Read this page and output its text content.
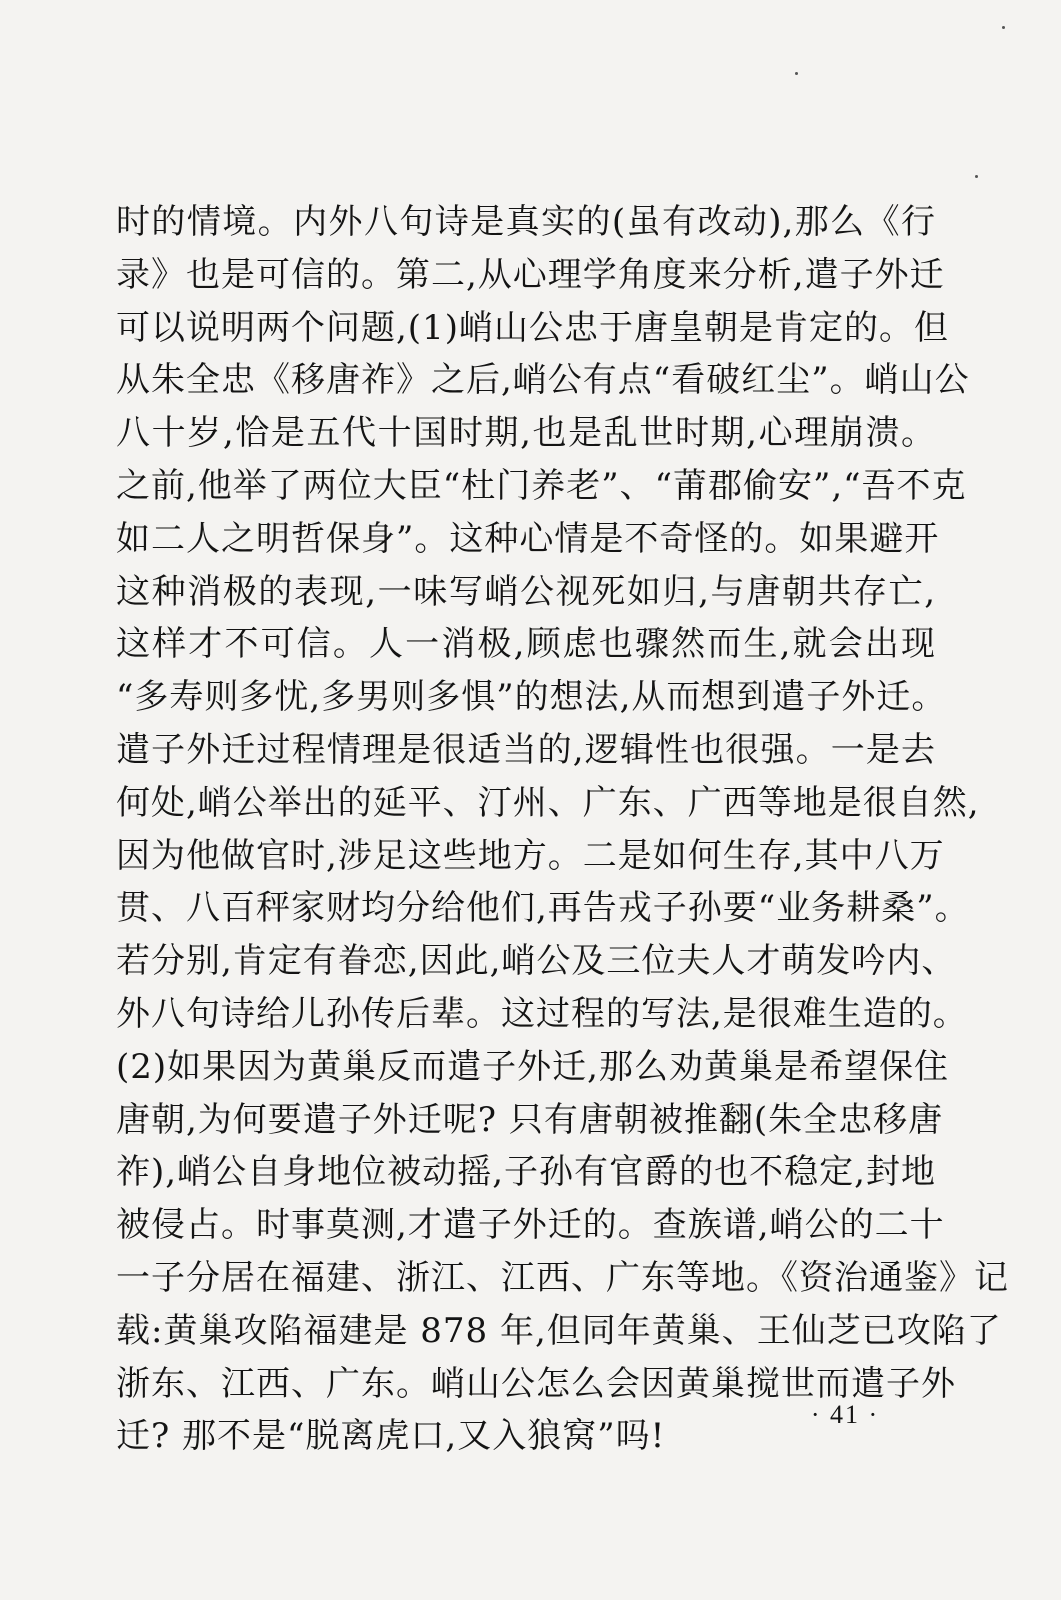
时的情境。内外八句诗是真实的(虽有改动),那么《行
录》也是可信的。第二,从心理学角度来分析,遣子外迁
可以说明两个问题,(1)峭山公忠于唐皇朝是肯定的。但
从朱全忠《移唐祚》之后,峭公有点“看破红尘”。峭山公
八十岁,恰是五代十国时期,也是乱世时期,心理崩溃。
之前,他举了两位大臣“杜门养老”、“莆郡偷安”,“吾不克
如二人之明哲保身”。这种心情是不奇怪的。如果避开
这种消极的表现,一味写峭公视死如归,与唐朝共存亡,
这样才不可信。人一消极,顾虑也骤然而生,就会出现
“多寿则多忧,多男则多惧”的想法,从而想到遣子外迁。
遣子外迁过程情理是很适当的,逻辑性也很强。一是去
何处,峭公举出的延平、汀州、广东、广西等地是很自然,
因为他做官时,涉足这些地方。二是如何生存,其中八万
贯、八百秤家财均分给他们,再告戎子孙要“业务耕桑”。
若分别,肯定有眷恋,因此,峭公及三位夫人才萌发吟内、
外八句诗给儿孙传后辈。这过程的写法,是很难生造的。
(2)如果因为黄巢反而遣子外迁,那么劝黄巢是希望保住
唐朝,为何要遣子外迁呢? 只有唐朝被推翻(朱全忠移唐
祚),峭公自身地位被动摇,子孙有官爵的也不稳定,封地
被侵占。时事莫测,才遣子外迁的。查族谱,峭公的二十
一子分居在福建、浙江、江西、广东等地。《资治通鉴》记
载:黄巢攻陷福建是 878 年,但同年黄巢、王仙芝已攻陷了
浙东、江西、广东。峭山公怎么会因黄巢搅世而遣子外
迁? 那不是“脱离虎口,又入狼窝”吗!
· 41 ·
